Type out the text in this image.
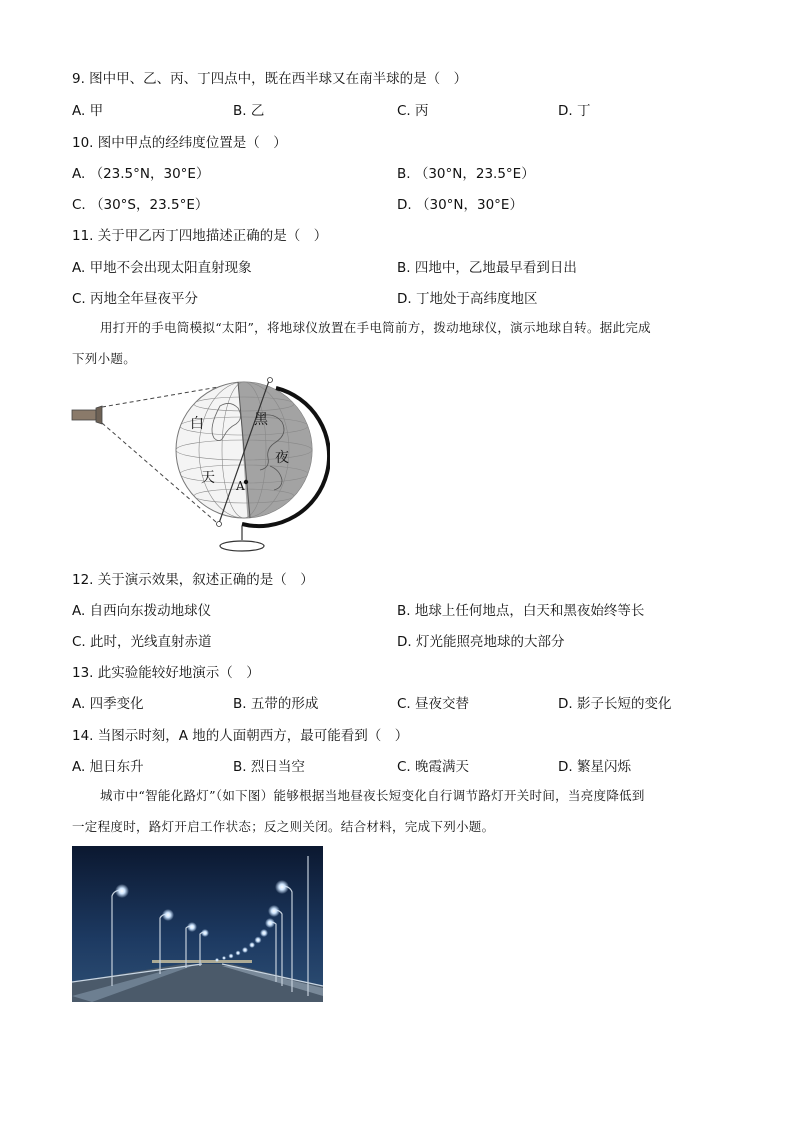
9. 图中甲、乙、丙、丁四点中，既在西半球又在南半球的是（　）
A. 甲	B. 乙	C. 丙	D. 丁
10. 图中甲点的经纬度位置是（　）
A. （23.5°N，30°E）	B. （30°N，23.5°E）
C. （30°S，23.5°E）	D. （30°N，30°E）
11. 关于甲乙丙丁四地描述正确的是（　）
A. 甲地不会出现太阳直射现象	B. 四地中，乙地最早看到日出
C. 丙地全年昼夜平分	D. 丁地处于高纬度地区
用打开的手电筒模拟“太阳”，将地球仪放置在手电筒前方，拨动地球仪，演示地球自转。据此完成
下列小题。
白
天
黑
夜
A
12. 关于演示效果，叙述正确的是（　）
A. 自西向东拨动地球仪	B. 地球上任何地点，白天和黑夜始终等长
C. 此时，光线直射赤道	D. 灯光能照亮地球的大部分
13. 此实验能较好地演示（　）
A. 四季变化	B. 五带的形成	C. 昼夜交替	D. 影子长短的变化
14. 当图示时刻，A 地的人面朝西方，最可能看到（　）
A. 旭日东升	B. 烈日当空	C. 晚霞满天	D. 繁星闪烁
城市中“智能化路灯”（如下图）能够根据当地昼夜长短变化自行调节路灯开关时间，当亮度降低到
一定程度时，路灯开启工作状态；反之则关闭。结合材料，完成下列小题。
